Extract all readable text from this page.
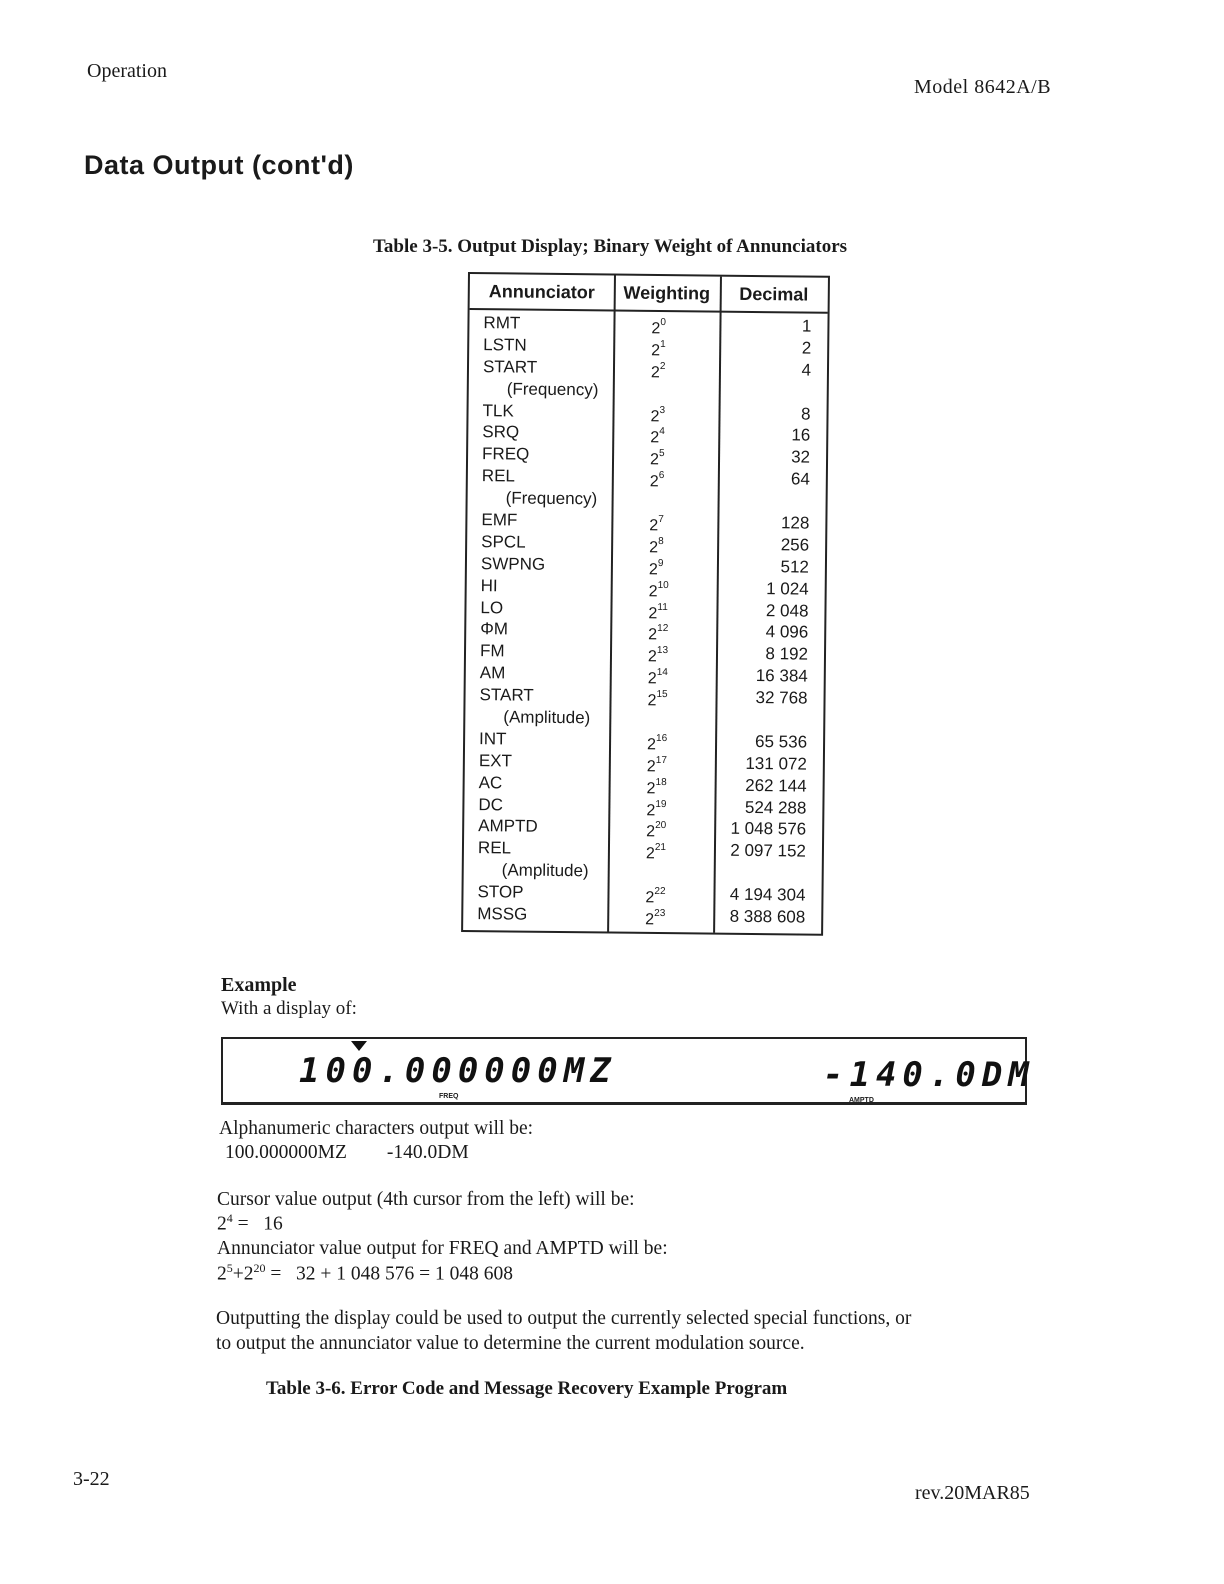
Operation
Model 8642A/B
Data Output (cont'd)
Table 3-5. Output Display; Binary Weight of Annunciators
Annunciator
RMT
LSTN
START
(Frequency)
TLK
SRQ
FREQ
REL
(Frequency)
EMF
SPCL
SWPNG
HI
LO
ΦM
FM
AM
START
(Amplitude)
INT
EXT
AC
DC
AMPTD
REL
(Amplitude)
STOP
MSSG
Weighting
$2^0$
$2^1$
$2^2$
$2^3$
$2^4$
$2^5$
$2^6$
$2^7$
$2^8$
$2^9$
$2^{10}$
$2^{11}$
$2^{12}$
$2^{13}$
$2^{14}$
$2^{15}$
$2^{16}$
$2^{17}$
$2^{18}$
$2^{19}$
$2^{20}$
$2^{21}$
$2^{22}$
$2^{23}$
Decimal
1
2
4
8
16
32
64
128
256
512
1 024
2 048
4 096
8 192
16 384
32 768
65 536
131 072
262 144
524 288
1 048 576
2 097 152
4 194 304
8 388 608
Example
With a display of:
100.000000MZ
FREQ
-140.0DM
AMPTD
Alphanumeric characters output will be:
100.000000MZ -140.0DM
Cursor value output (4th cursor from the left) will be:
$2^4 = 16$
Annunciator value output for FREQ and AMPTD will be:
$2^5+2^{20} = 32 + 1$ 048 576 = 1 048 608
Outputting the display could be used to output the currently selected special functions, or
to output the annunciator value to determine the current modulation source.
Table 3-6. Error Code and Message Recovery Example Program
3-22
rev.20MAR85
